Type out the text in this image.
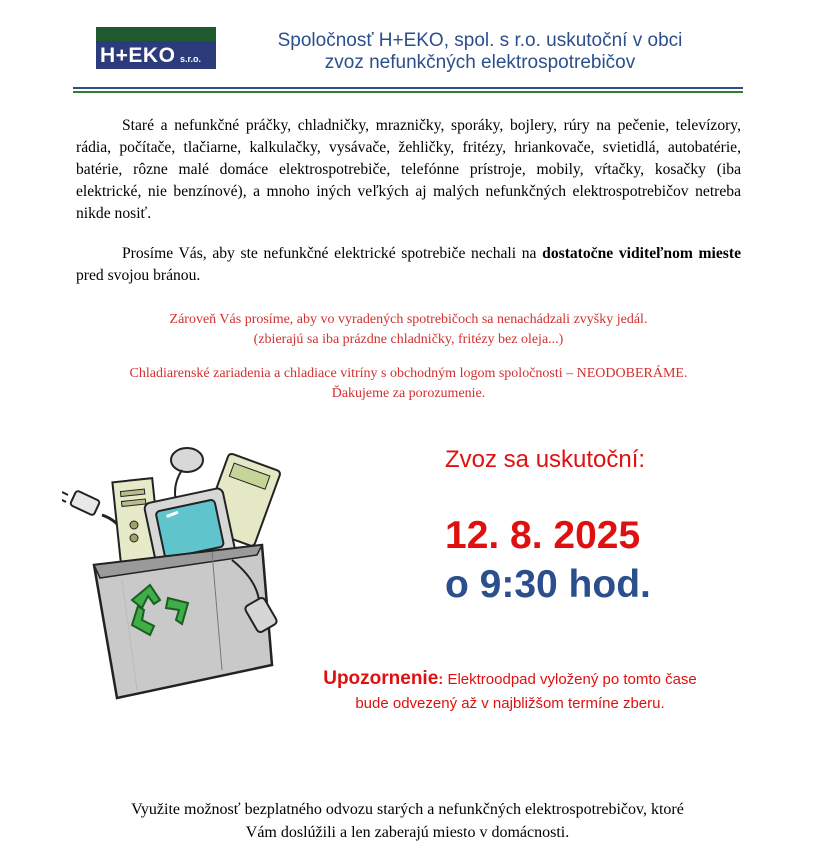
H+EKO s.r.o.
Spoločnosť H+EKO, spol. s r.o. uskutoční v obci
zvoz nefunkčných elektrospotrebičov
Staré a nefunkčné práčky, chladničky, mrazničky, sporáky, bojlery, rúry na pečenie, televízory, rádia, počítače, tlačiarne, kalkulačky, vysávače, žehličky, fritézy, hriankovače, svietidlá, autobatérie, batérie, rôzne malé domáce elektrospotrebiče, telefónne prístroje, mobily, vŕtačky, kosačky (iba elektrické, nie benzínové), a mnoho iných veľkých aj malých nefunkčných elektrospotrebičov netreba nikde nosiť.
Prosíme Vás, aby ste nefunkčné elektrické spotrebiče nechali na dostatočne viditeľnom mieste pred svojou bránou.
Zároveň Vás prosíme, aby vo vyradených spotrebičoch sa nenachádzali zvyšky jedál.
(zbierajú sa iba prázdne chladničky, fritézy bez oleja...)
Chladiarenské zariadenia a chladiace vitríny s obchodným logom spoločnosti – NEODOBERÁME.
Ďakujeme za porozumenie.
Zvoz sa uskutoční:
12. 8. 2025
o 9:30 hod.
Upozornenie: Elektroodpad vyložený po tomto čase
bude odvezený až v najbližšom termíne zberu.
Využite možnosť bezplatného odvozu starých a nefunkčných elektrospotrebičov, ktoré
Vám doslúžili a len zaberajú miesto v domácnosti.
